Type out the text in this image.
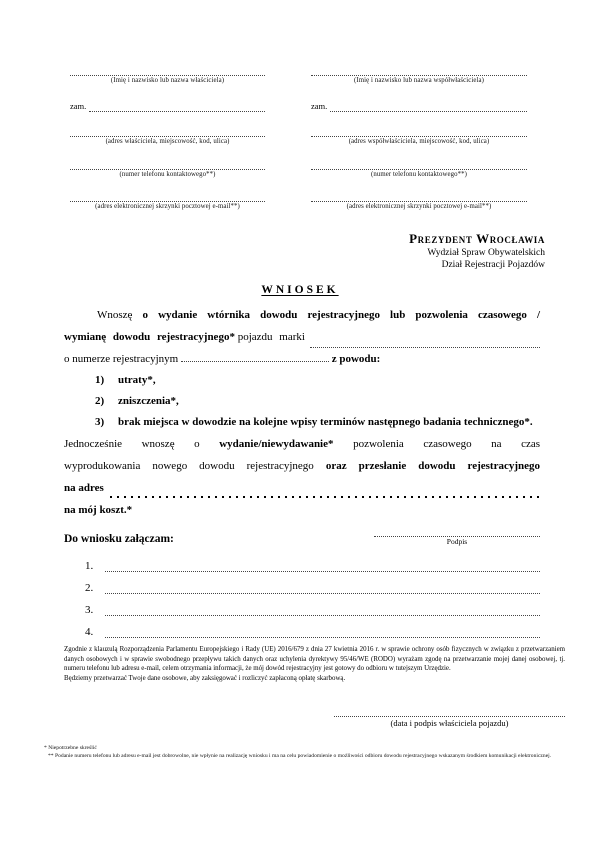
(Imię i nazwisko lub nazwa właściciela)
zam.
(adres właściciela, miejscowość, kod, ulica)
(numer telefonu kontaktowego**)
(adres elektronicznej skrzynki pocztowej e-mail**)
(Imię i nazwisko lub nazwa współwłaściciela)
zam.
(adres współwłaściciela, miejscowość, kod, ulica)
(numer telefonu kontaktowego**)
(adres elektronicznej skrzynki pocztowej e-mail**)
Prezydent Wrocławia
Wydział Spraw Obywatelskich
Dział Rejestracji Pojazdów
WNIOSEK
Wnoszę o wydanie wtórnika dowodu rejestracyjnego lub pozwolenia czasowego /
wymianę dowodu rejestracyjnego*
pojazdu marki
o numerze rejestracyjnym	z powodu:
1)	utraty*,
2)	zniszczenia*,
3)	brak miejsca w dowodzie na kolejne wpisy terminów następnego badania technicznego*.
Jednocześnie wnoszę o wydanie/niewydawanie* pozwolenia czasowego na czas
wyprodukowania nowego dowodu rejestracyjnego oraz przesłanie dowodu rejestracyjnego
na adres
na mój koszt.*
Do wniosku załączam:	Podpis
1.
2.
3.
4.

Zgodnie z klauzulą Rozporządzenia Parlamentu Europejskiego i Rady (UE) 2016/679 z dnia 27 kwietnia 2016 r. w sprawie ochrony osób fizycznych w związku z przetwarzaniem danych osobowych i w sprawie swobodnego przepływu takich danych oraz uchylenia dyrektywy 95/46/WE (RODO) wyrażam zgodę na przetwarzanie mojej danej osobowej, tj. numeru telefonu lub adresu e-mail, celem otrzymania informacji, że mój dowód rejestracyjny jest gotowy do odbioru w tutejszym Urzędzie.

Będziemy przetwarzać Twoje dane osobowe, aby zaksięgować i rozliczyć zapłaconą opłatę skarbową.

(data i podpis właściciela pojazdu)
* Niepotrzebne skreślić
** Podanie numeru telefonu lub adresu e-mail jest dobrowolne, nie wpłynie na realizację wniosku i ma na celu powiadomienie o możliwości odbioru dowodu rejestracyjnego wskazanym środkiem komunikacji elektronicznej.
